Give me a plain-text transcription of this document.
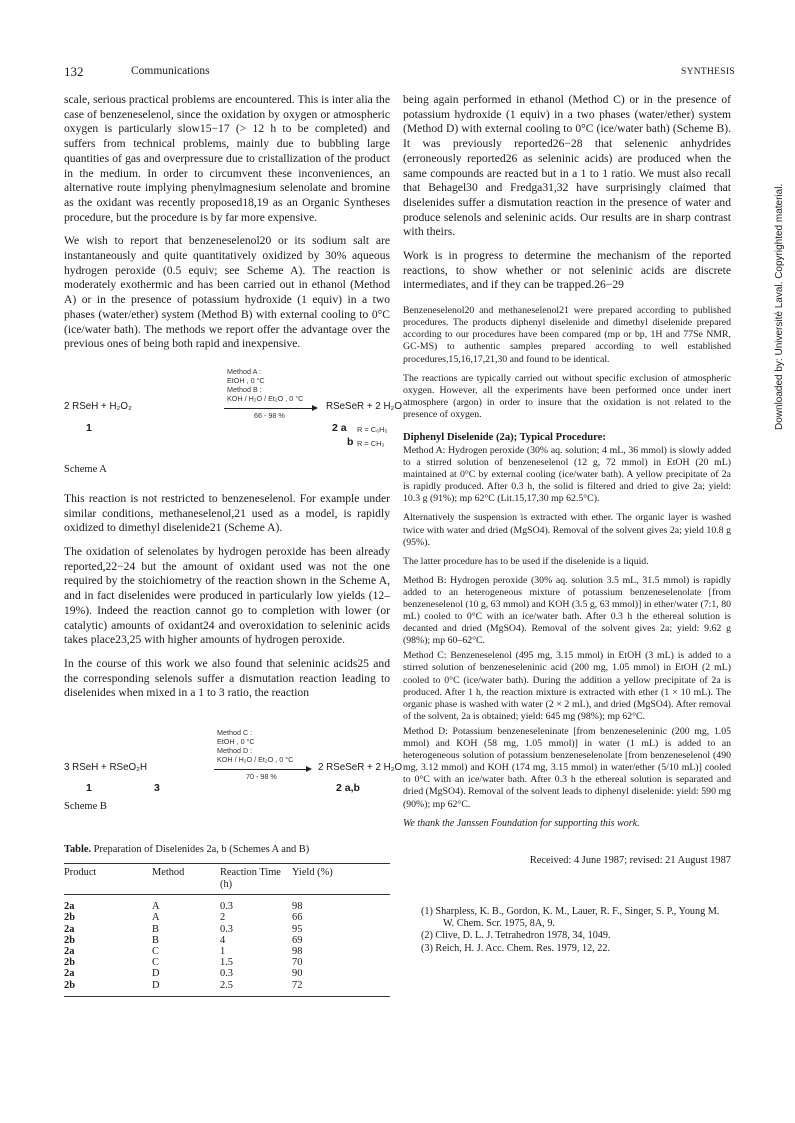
132	Communications	SYNTHESIS
Downloaded by: Université Laval. Copyrighted material.

scale, serious practical problems are encountered. This is inter alia the case of benzeneselenol, since the oxidation by oxygen or atmospheric oxygen is particularly slow15−17 (> 12 h to be completed) and suffers from technical problems, mainly due to bubbling large quantities of gas and overpressure due to cristallization of the product in the medium. In order to circumvent these inconveniences, an alternative route implying phenylmagnesium selenolate and bromine as the oxidant was recently proposed18,19 as an Organic Syntheses procedure, but the procedure is by far more expensive.

We wish to report that benzeneselenol20 or its sodium salt are instantaneously and quite quantitatively oxidized by 30% aqueous hydrogen peroxide (0.5 equiv; see Scheme A). The reaction is moderately exothermic and has been carried out in ethanol (Method A) or in the presence of potassium hydroxide (1 equiv) in a two phases (water/ether) system (Method B) with external cooling to 0°C (ice/water bath). The methods we report offer the advantage over the previous ones of being both rapid and inexpensive.

Method A :
EtOH , 0 °C
Method B :
KOH / H₂O / Et₂O , 0 °C
66 - 98 %
2 RSeH + H₂O₂	RSeSeR + 2 H₂O
1	2 a R = C₆H₅
b R = CH₃

Scheme A

This reaction is not restricted to benzeneselenol. For example under similar conditions, methaneselenol,21 used as a model, is rapidly oxidized to dimethyl diselenide21 (Scheme A).

The oxidation of selenolates by hydrogen peroxide has been already reported,22−24 but the amount of oxidant used was not the one required by the stoichiometry of the reaction shown in the Scheme A, and in fact diselenides were produced in particularly low yields (12–19%). Indeed the reaction cannot go to completion with lower (or catalytic) amounts of oxidant24 and overoxidation to seleninic acids takes place23,25 with higher amounts of hydrogen peroxide.

In the course of this work we also found that seleninic acids25 and the corresponding selenols suffer a dismutation reaction leading to diselenides when mixed in a 1 to 3 ratio, the reaction

Method C :
EtOH , 0 °C
Method D :
KOH / H₂O / Et₂O , 0 °C
70 - 98 %
3 RSeH + RSeO₂H	2 RSeSeR + 2 H₂O
1	3	2 a,b

Scheme B

Table. Preparation of Diselenides 2a, b (Schemes A and B)

Product	Method	Reaction Time (h)	Yield (%)
2a	A	0.3	98
2b	A	2	66
2a	B	0.3	95
2b	B	4	69
2a	C	1	98
2b	C	1.5	70
2a	D	0.3	90
2b	D	2.5	72

being again performed in ethanol (Method C) or in the presence of potassium hydroxide (1 equiv) in a two phases (water/ether) system (Method D) with external cooling to 0°C (ice/water bath) (Scheme B). It was previously reported26−28 that selenenic anhydrides (erroneously reported26 as seleninic acids) are produced when the same compounds are reacted but in a 1 to 1 ratio. We must also recall that Behagel30 and Fredga31,32 have surprisingly claimed that diselenides suffer a dismutation reaction in the presence of water and produce selenols and seleninic acids. Our results are in sharp contrast with theirs.

Work is in progress to determine the mechanism of the reported reactions, to show whether or not seleninic acids are discrete intermediates, and if they can be trapped.26−29

Benzeneselenol20 and methaneselenol21 were prepared according to published procedures. The products diphenyl diselenide and dimethyl diselenide prepared according to our procedures have been compared (mp or bp, 1H and 77Se NMR, GC-MS) to authentic samples prepared according to well established procedures,15,16,17,21,30 and found to be identical.

The reactions are typically carried out without specific exclusion of atmospheric oxygen. However, all the experiments have been performed once under inert atmosphere (argon) in order to insure that the oxidation is not related to the presence of oxygen.

Diphenyl Diselenide (2a); Typical Procedure:

Method A: Hydrogen peroxide (30% aq. solution; 4 mL, 36 mmol) is slowly added to a stirred solution of benzeneselenol (12 g, 72 mmol) in EtOH (20 mL) maintained at 0°C by external cooling (ice/water bath). A yellow precipitate of 2a is rapidly produced. After 0.3 h, the solid is filtered and dried to give 2a; yield: 10.3 g (91%); mp 62°C (Lit.15,17,30 mp 62.5°C).

Alternatively the suspension is extracted with ether. The organic layer is washed twice with water and dried (MgSO4). Removal of the solvent gives 2a; yield 10.8 g (95%).

The latter procedure has to be used if the diselenide is a liquid.

Method B: Hydrogen peroxide (30% aq. solution 3.5 mL, 31.5 mmol) is rapidly added to an heterogeneous mixture of potassium benzeneselenolate [from benzeneselenol (10 g, 63 mmol) and KOH (3.5 g, 63 mmol)] in ether/water (7:1, 80 mL) cooled to 0°C with an ice/water bath. After 0.3 h the ethereal solution is decanted and dried (MgSO4). Removal of the solvent gives 2a; yield: 9.62 g (98%); mp 60–62°C.

Method C: Benzeneselenol (495 mg, 3.15 mmol) in EtOH (3 mL) is added to a stirred solution of benzeneseleninic acid (200 mg, 1.05 mmol) in EtOH (2 mL) cooled to 0°C (ice/water bath). During the addition a yellow precipitate of 2a is produced. After 1 h, the reaction mixture is extracted with ether (1 × 10 mL). The organic phase is washed with water (2 × 2 mL), and dried (MgSO4). After removal of the solvent, 2a is obtained; yield: 645 mg (98%); mp 62°C.

Method D: Potassium benzeneseleninate [from benzeneseleninic (200 mg, 1.05 mmol) and KOH (58 mg, 1.05 mmol)] in water (1 mL) is added to an heterogeneous solution of potassium benzeneselenolate [from benzeneselenol (490 mg, 3.12 mmol) and KOH (174 mg, 3.15 mmol) in water/ether (5/10 mL)] cooled to 0°C with an ice/water bath. After 0.3 h the ethereal solution is separated and dried (MgSO4). Removal of the solvent leads to diphenyl diselenide: yield: 590 mg (90%); mp 62°C.

We thank the Janssen Foundation for supporting this work.

Received: 4 June 1987; revised: 21 August 1987

(1) Sharpless, K. B., Gordon, K. M., Lauer, R. F., Singer, S. P., Young M. W. Chem. Scr. 1975, 8A, 9.

(2) Clive, D. L. J. Tetrahedron 1978, 34, 1049.

(3) Reich, H. J. Acc. Chem. Res. 1979, 12, 22.
